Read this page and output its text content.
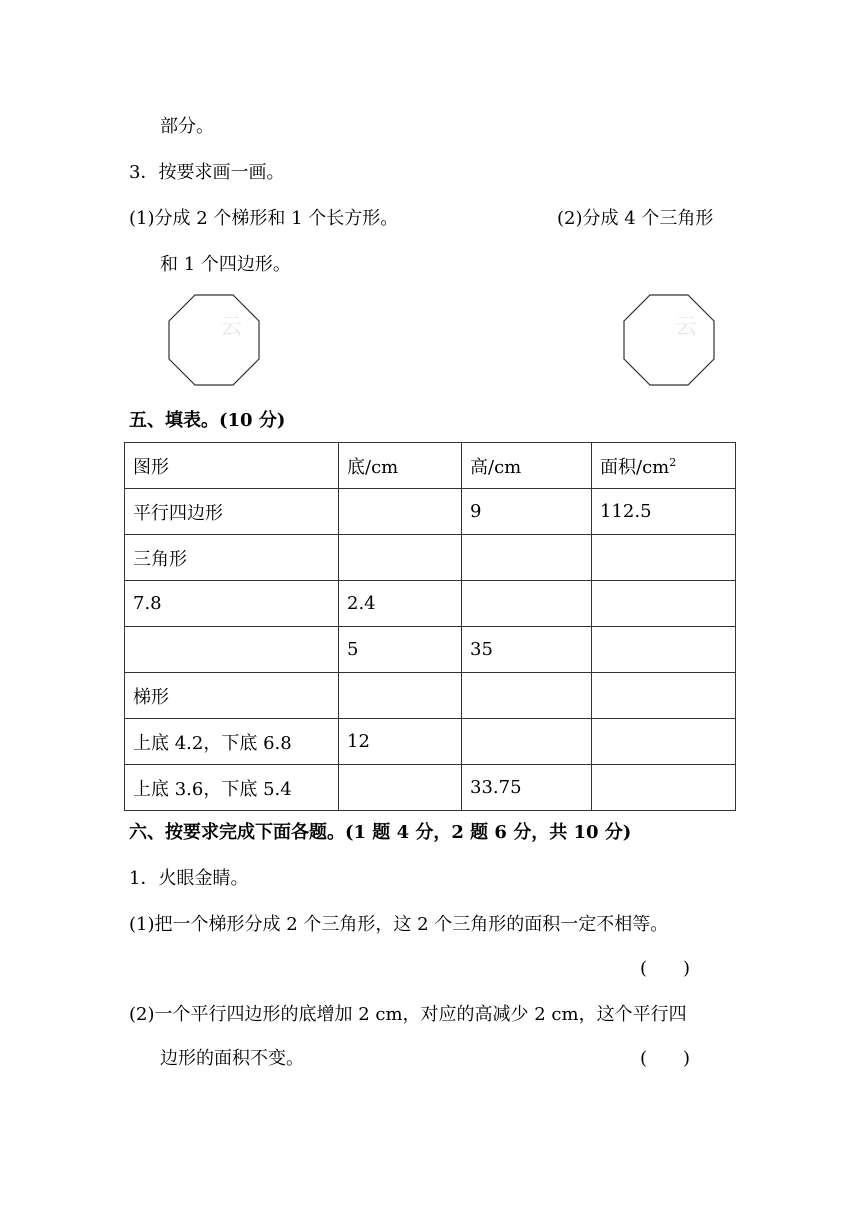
部分。
3．按要求画一画。
(1)分成 2 个梯形和 1 个长方形。	(2)分成 4 个三角形
和 1 个四边形。
云	云
五、填表。(10 分)
图形	底/cm	高/cm	面积$/cm^2$
平行四边形		9	112.5
三角形			
7.8	2.4		
	5	35	
梯形			
上底 4.2，下底 6.8	12		
上底 3.6，下底 5.4		33.75	
六、按要求完成下面各题。(1 题 4 分，2 题 6 分，共 10 分)
1．火眼金睛。
(1)把一个梯形分成 2 个三角形，这 2 个三角形的面积一定不相等。
(　　)
(2)一个平行四边形的底增加 2 cm，对应的高减少 2 cm，这个平行四
边形的面积不变。	(　　)
